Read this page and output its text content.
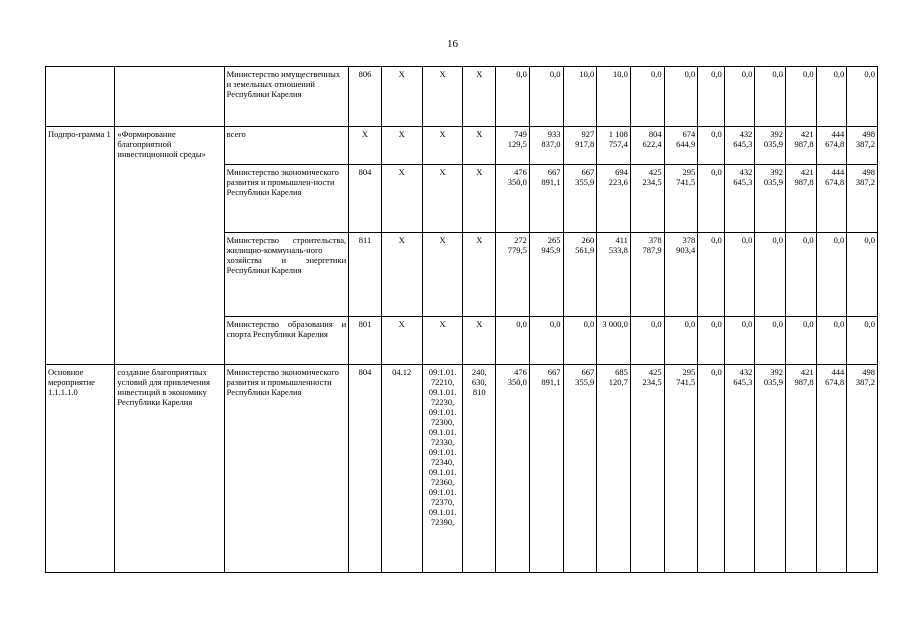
16
		Министерство имущественных и земельных отношений Республики Карелия	806	X	X	X	0,0	0,0	10,0	10,0	0,0	0,0	0,0	0,0	0,0	0,0	0,0	0,0
Подпро-грамма 1	«Формирование благоприятной инвестиционной среды»	всего	X	X	X	X	749 129,5	933 837,0	927 917,8	1 108 757,4	804 622,4	674 644,9	0,0	432 645,3	392 035,9	421 987,8	444 674,8	498 387,2
		Министерство экономического развития и промышлен-ности Республики Карелия	804	X	X	X	476 350,0	667 891,1	667 355,9	694 223,6	425 234,5	295 741,5	0,0	432 645,3	392 035,9	421 987,8	444 674,8	498 387,2
		Министерство строительства, жилищно-коммуналь-ного хозяйства и энергетики Республики Карелия	811	X	X	X	272 779,5	265 945,9	260 561,9	411 533,8	378 787,9	378 903,4	0,0	0,0	0,0	0,0	0,0	0,0
		Министерство образования и спорта Республики Карелия	801	X	X	X	0,0	0,0	0,0	3 000,0	0,0	0,0	0,0	0,0	0,0	0,0	0,0	0,0
Основное мероприятие 1.1.1.1.0	создание благоприятных условий для привлечения инвестиций в экономику Республики Карелия	Министерство экономического развития и промышленности Республики Карелия	804	04.12	09.1.01. 72210, 09.1.01. 72230, 09.1.01. 72300, 09.1.01. 72330, 09.1.01. 72340, 09.1.01. 72360, 09.1.01. 72370, 09.1.01. 72390,	240, 630, 810	476 350,0	667 891,1	667 355,9	685 120,7	425 234,5	295 741,5	0,0	432 645,3	392 035,9	421 987,8	444 674,8	498 387,2
